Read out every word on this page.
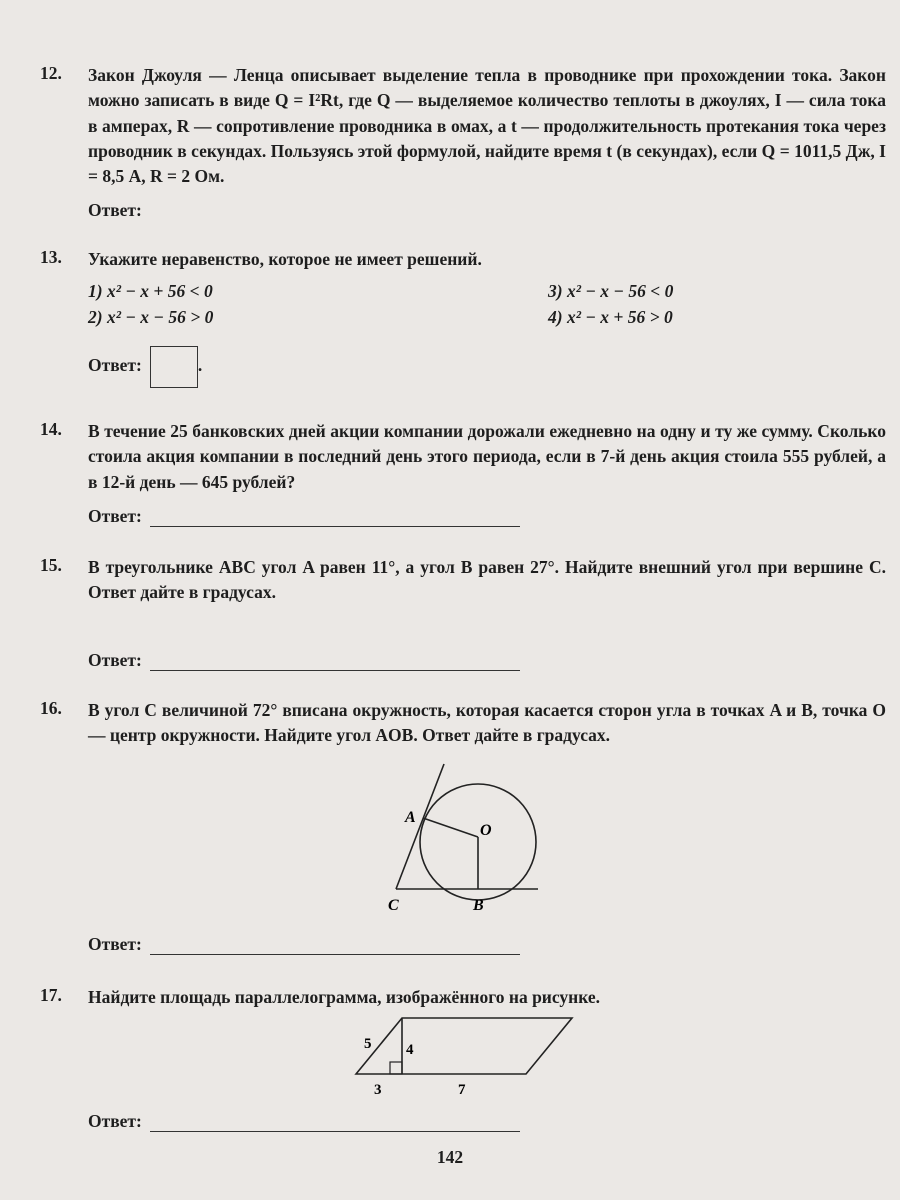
12. Закон Джоуля — Ленца описывает выделение тепла в проводнике при прохождении тока. Закон можно записать в виде Q = I²Rt, где Q — выделяемое количество теплоты в джоулях, I — сила тока в амперах, R — сопротивление проводника в омах, а t — продолжительность протекания тока через проводник в секундах. Пользуясь этой формулой, найдите время t (в секундах), если Q = 1011,5 Дж, I = 8,5 А, R = 2 Ом.
Ответ:
13. Укажите неравенство, которое не имеет решений.
1) x² − x + 56 < 0
2) x² − x − 56 > 0
3) x² − x − 56 < 0
4) x² − x + 56 > 0
Ответ:	.
14. В течение 25 банковских дней акции компании дорожали ежедневно на одну и ту же сумму. Сколько стоила акция компании в последний день этого периода, если в 7-й день акция стоила 555 рублей, а в 12-й день — 645 рублей?
Ответ:
15. В треугольнике ABC угол A равен 11°, а угол B равен 27°. Найдите внешний угол при вершине C. Ответ дайте в градусах.
Ответ:
16. В угол C величиной 72° вписана окружность, которая касается сторон угла в точках A и B, точка O — центр окружности. Найдите угол AOB. Ответ дайте в градусах.
A
O
C	B
Ответ:
17. Найдите площадь параллелограмма, изображённого на рисунке.
5 4
3	7
Ответ:
142
